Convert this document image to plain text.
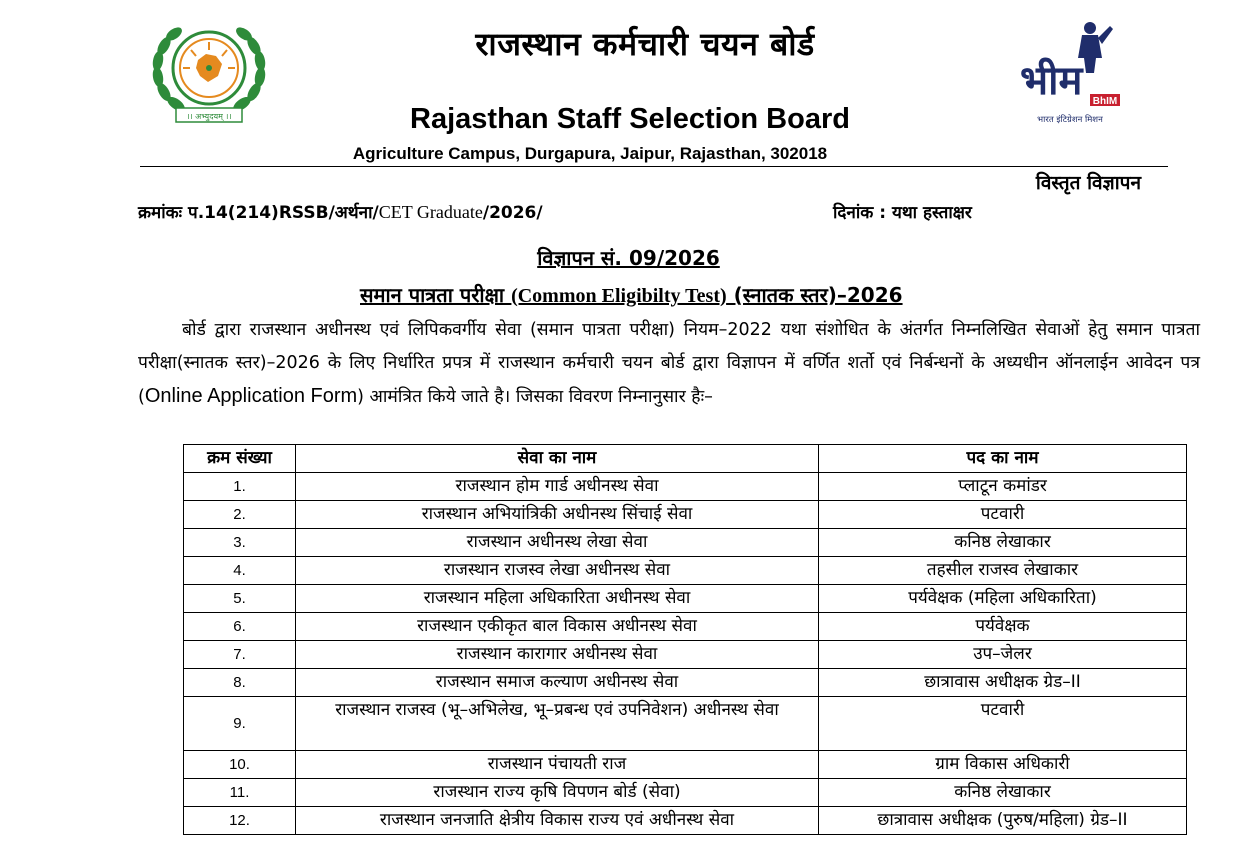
।। अभ्युदयम् ।।
भीम BhIM
भारत इंटिग्रेशन मिशन
राजस्थान कर्मचारी चयन बोर्ड
Rajasthan Staff Selection Board
Agriculture Campus, Durgapura, Jaipur, Rajasthan, 302018
विस्तृत विज्ञापन
क्रमांकः प.14(214)RSSB/अर्थना/CET Graduate/2026/	दिनांक : यथा हस्ताक्षर
विज्ञापन सं. 09/2026
समान पात्रता परीक्षा (Common Eligibilty Test) (स्नातक स्तर)–2026
बोर्ड द्वारा राजस्थान अधीनस्थ एवं लिपिकवर्गीय सेवा (समान पात्रता परीक्षा) नियम–2022 यथा संशोधित के अंतर्गत निम्नलिखित सेवाओं हेतु समान पात्रता परीक्षा(स्नातक स्तर)–2026 के लिए निर्धारित प्रपत्र में राजस्थान कर्मचारी चयन बोर्ड द्वारा विज्ञापन में वर्णित शर्तो एवं निर्बन्धनों के अध्यधीन ऑनलाईन आवेदन पत्र (Online Application Form) आमंत्रित किये जाते है। जिसका विवरण निम्नानुसार हैः–
क्रम संख्या	सेवा का नाम	पद का नाम
1.	राजस्थान होम गार्ड अधीनस्थ सेवा	प्लाटून कमांडर
2.	राजस्थान अभियांत्रिकी अधीनस्थ सिंचाई सेवा	पटवारी
3.	राजस्थान अधीनस्थ लेखा सेवा	कनिष्ठ लेखाकार
4.	राजस्थान राजस्व लेखा अधीनस्थ सेवा	तहसील राजस्व लेखाकार
5.	राजस्थान महिला अधिकारिता अधीनस्थ सेवा	पर्यवेक्षक (महिला अधिकारिता)
6.	राजस्थान एकीकृत बाल विकास अधीनस्थ सेवा	पर्यवेक्षक
7.	राजस्थान कारागार अधीनस्थ सेवा	उप–जेलर
8.	राजस्थान समाज कल्याण अधीनस्थ सेवा	छात्रावास अधीक्षक ग्रेड–II
9.	राजस्थान राजस्व (भू–अभिलेख, भू–प्रबन्ध एवं उपनिवेशन) अधीनस्थ सेवा	पटवारी
10.	राजस्थान पंचायती राज	ग्राम विकास अधिकारी
11.	राजस्थान राज्य कृषि विपणन बोर्ड (सेवा)	कनिष्ठ लेखाकार
12.	राजस्थान जनजाति क्षेत्रीय विकास राज्य एवं अधीनस्थ सेवा	छात्रावास अधीक्षक (पुरुष/महिला) ग्रेड–II
